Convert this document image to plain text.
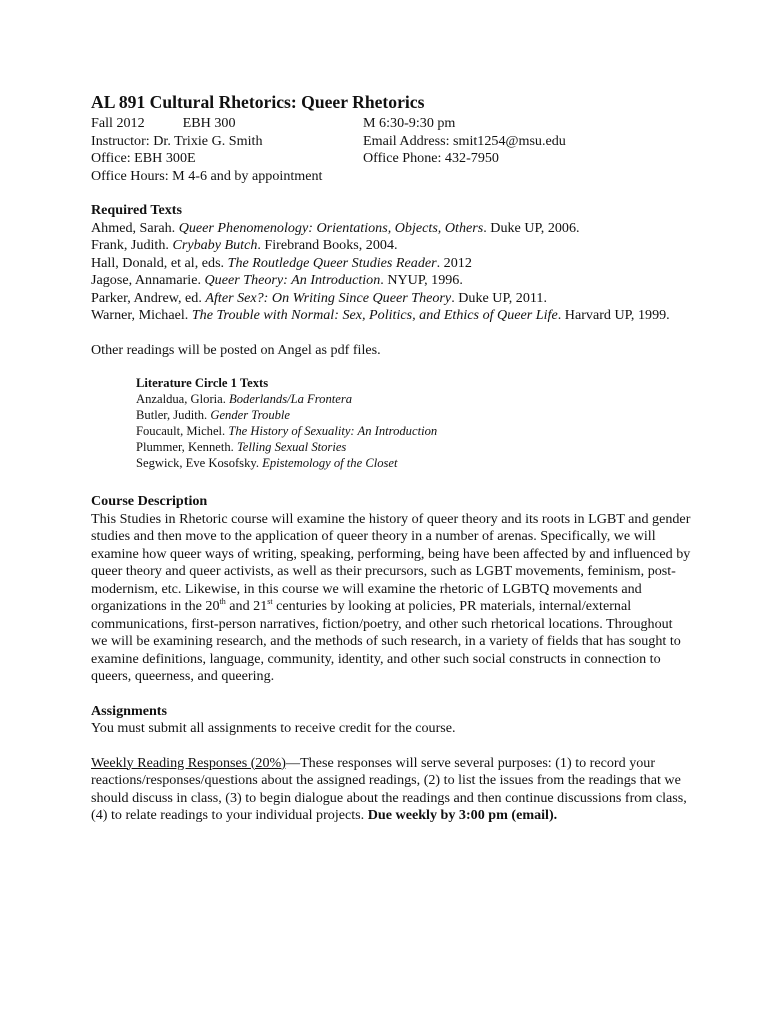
AL 891 Cultural Rhetorics: Queer Rhetorics
Fall 2012	EBH 300	M 6:30-9:30 pm
Instructor: Dr. Trixie G. Smith	Email Address: smit1254@msu.edu
Office: EBH 300E	Office Phone: 432-7950
Office Hours: M 4-6 and by appointment
Required Texts
Ahmed, Sarah. Queer Phenomenology: Orientations, Objects, Others. Duke UP, 2006.
Frank, Judith. Crybaby Butch. Firebrand Books, 2004.
Hall, Donald, et al, eds. The Routledge Queer Studies Reader. 2012
Jagose, Annamarie. Queer Theory: An Introduction. NYUP, 1996.
Parker, Andrew, ed. After Sex?: On Writing Since Queer Theory. Duke UP, 2011.
Warner, Michael. The Trouble with Normal: Sex, Politics, and Ethics of Queer Life. Harvard UP, 1999.

Other readings will be posted on Angel as pdf files.

Literature Circle 1 Texts
Anzaldua, Gloria. Boderlands/La Frontera
Butler, Judith. Gender Trouble
Foucault, Michel. The History of Sexuality: An Introduction
Plummer, Kenneth. Telling Sexual Stories
Segwick, Eve Kosofsky. Epistemology of the Closet
Course Description

This Studies in Rhetoric course will examine the history of queer theory and its roots in LGBT and gender studies and then move to the application of queer theory in a number of arenas. Specifically, we will examine how queer ways of writing, speaking, performing, being have been affected by and influenced by queer theory and queer activists, as well as their precursors, such as LGBT movements, feminism, post-modernism, etc. Likewise, in this course we will examine the rhetoric of LGBTQ movements and organizations in the 20th and 21st centuries by looking at policies, PR materials, internal/external communications, first-person narratives, fiction/poetry, and other such rhetorical locations. Throughout we will be examining research, and the methods of such research, in a variety of fields that has sought to examine definitions, language, community, identity, and other such social constructs in connection to queers, queerness, and queering.

Assignments

You must submit all assignments to receive credit for the course.

Weekly Reading Responses (20%)—These responses will serve several purposes: (1) to record your reactions/responses/questions about the assigned readings, (2) to list the issues from the readings that we should discuss in class, (3) to begin dialogue about the readings and then continue discussions from class, (4) to relate readings to your individual projects. Due weekly by 3:00 pm (email).
